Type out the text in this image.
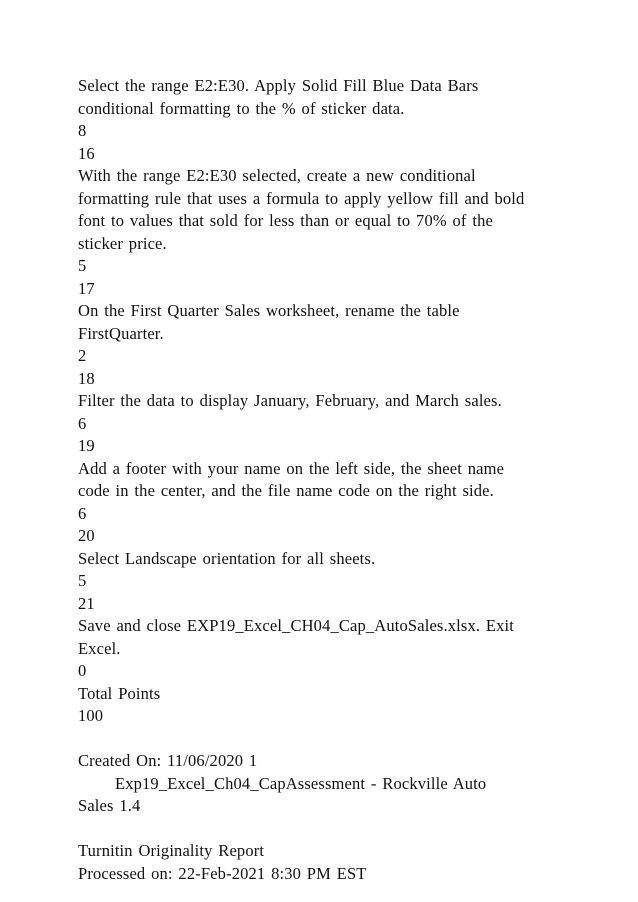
Select the range E2:E30. Apply Solid Fill Blue Data Bars
conditional formatting to the % of sticker data.
8
16
With the range E2:E30 selected, create a new conditional
formatting rule that uses a formula to apply yellow fill and bold
font to values that sold for less than or equal to 70% of the
sticker price.
5
17
On the First Quarter Sales worksheet, rename the table
FirstQuarter.
2
18
Filter the data to display January, February, and March sales.
6
19
Add a footer with your name on the left side, the sheet name
code in the center, and the file name code on the right side.
6
20
Select Landscape orientation for all sheets.
5
21
Save and close EXP19_Excel_CH04_Cap_AutoSales.xlsx. Exit
Excel.
0
Total Points
100
Created On: 11/06/2020 1
Exp19_Excel_Ch04_CapAssessment - Rockville Auto
Sales 1.4
Turnitin Originality Report
Processed on: 22-Feb-2021 8:30 PM EST
